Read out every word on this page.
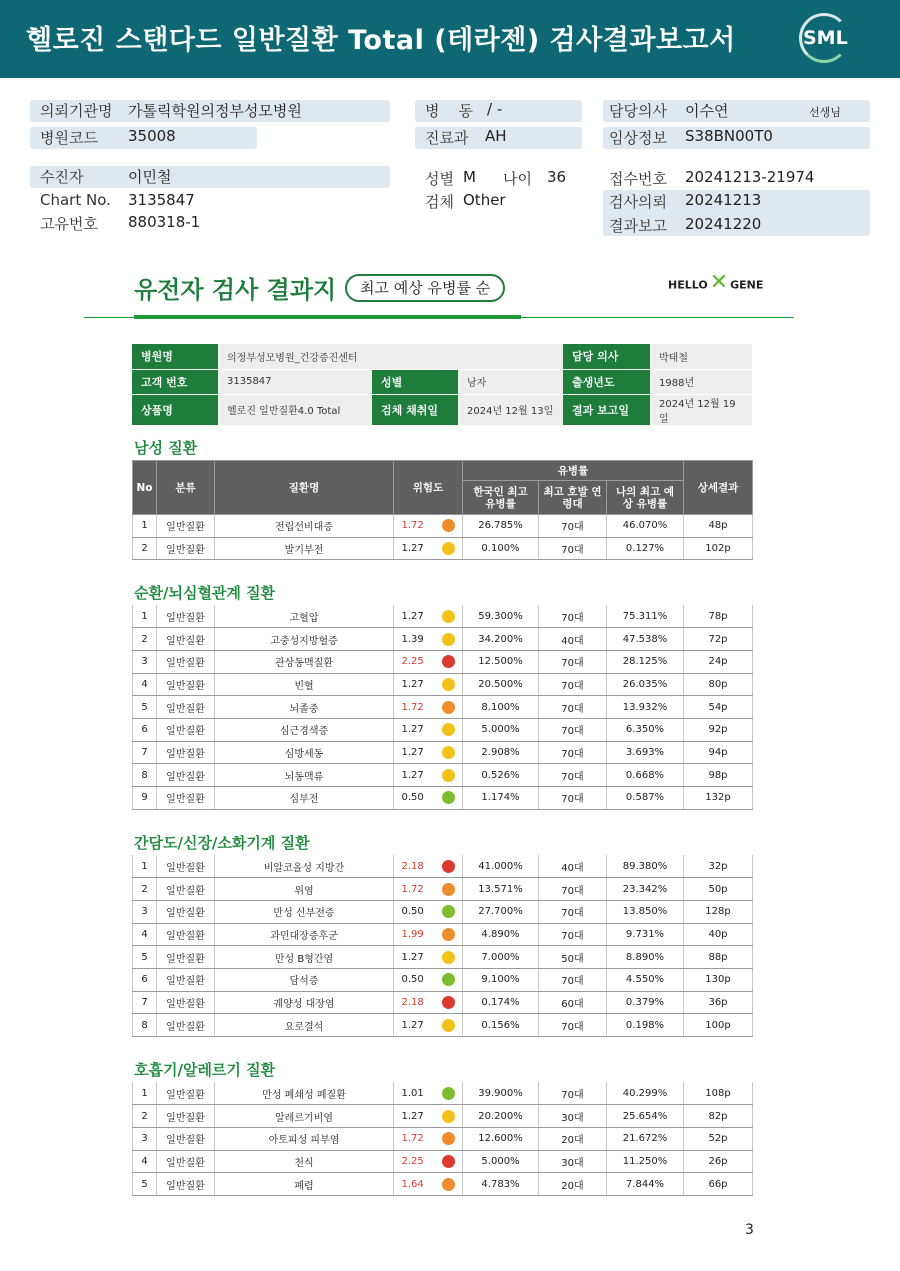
헬로진 스탠다드 일반질환 Total (테라젠) 검사결과보고서	SML
의뢰기관명 가톨릭학원의정부성모병원
병원코드 35008
수진자	이민철
Chart No. 3135847
고유번호 880318-1
병    동 / -
진료과 AH
성별 M 나이 36
검체 Other
담당의사 이수연	선생님
임상정보 S38BN00T0
접수번호 20241213-21974
검사의뢰 20241213
결과보고 20241220
유전자 검사 결과지	최고 예상 유병률 순	HELLO✕ GENE
병원명	의정부성모병원_건강증진센터			담당 의사	박태철
고객 번호	3135847	성별	남자	출생년도	1988년
상품명	헬로진 일반질환4.0 Total	검체 채취일	2024년 12월 13일	결과 보고일	2024년 12월 19일
남성 질환
No	분류	질환명	위험도	유병률			상세결과
				한국인 최고 유병률	최고 호발 연령대	나의 최고 예상 유병률	
1	일반질환	전립선비대증	1.72	26.785%	70대	46.070%	48p
2	일반질환	발기부전	1.27	0.100%	70대	0.127%	102p
순환/뇌심혈관계 질환
1	일반질환	고혈압	1.27	59.300%	70대	75.311%	78p
2	일반질환	고중성지방혈증	1.39	34.200%	40대	47.538%	72p
3	일반질환	관상동맥질환	2.25	12.500%	70대	28.125%	24p
4	일반질환	빈혈	1.27	20.500%	70대	26.035%	80p
5	일반질환	뇌졸중	1.72	8.100%	70대	13.932%	54p
6	일반질환	심근경색증	1.27	5.000%	70대	6.350%	92p
7	일반질환	심방세동	1.27	2.908%	70대	3.693%	94p
8	일반질환	뇌동맥류	1.27	0.526%	70대	0.668%	98p
9	일반질환	심부전	0.50	1.174%	70대	0.587%	132p
간담도/신장/소화기계 질환
1	일반질환	비알코올성 지방간	2.18	41.000%	40대	89.380%	32p
2	일반질환	위염	1.72	13.571%	70대	23.342%	50p
3	일반질환	만성 신부전증	0.50	27.700%	70대	13.850%	128p
4	일반질환	과민대장증후군	1.99	4.890%	70대	9.731%	40p
5	일반질환	만성 B형간염	1.27	7.000%	50대	8.890%	88p
6	일반질환	담석증	0.50	9.100%	70대	4.550%	130p
7	일반질환	궤양성 대장염	2.18	0.174%	60대	0.379%	36p
8	일반질환	요로결석	1.27	0.156%	70대	0.198%	100p
호흡기/알레르기 질환
1	일반질환	만성 폐쇄성 폐질환	1.01	39.900%	70대	40.299%	108p
2	일반질환	알레르기비염	1.27	20.200%	30대	25.654%	82p
3	일반질환	아토피성 피부염	1.72	12.600%	20대	21.672%	52p
4	일반질환	천식	2.25	5.000%	30대	11.250%	26p
5	일반질환	폐렴	1.64	4.783%	20대	7.844%	66p
3
